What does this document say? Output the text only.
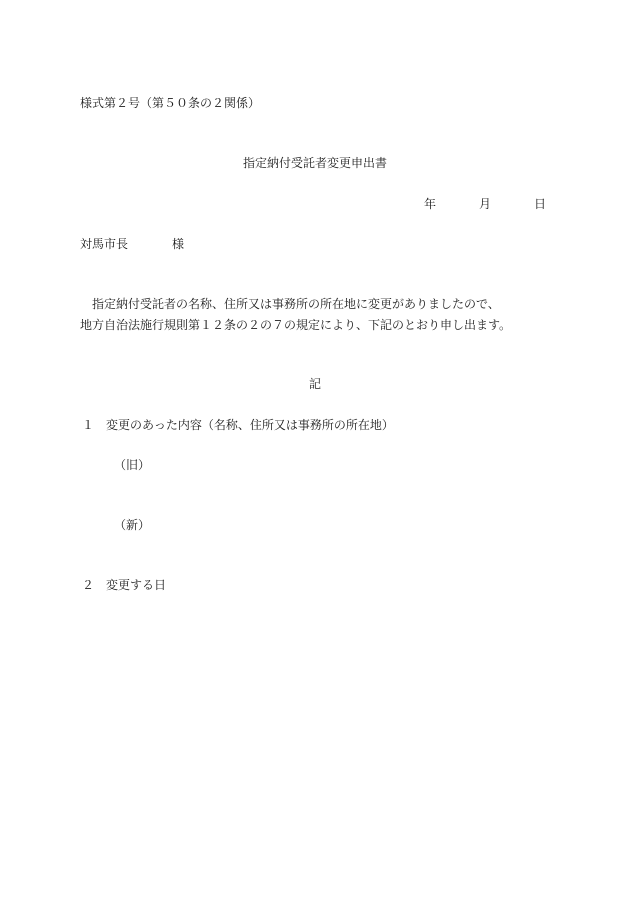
様式第２号（第５０条の２関係）
指定納付受託者変更申出書
年	月	日
対馬市長	様
　指定納付受託者の名称、住所又は事務所の所在地に変更がありましたので、
地方自治法施行規則第１２条の２の７の規定により、下記のとおり申し出ます。
記
１ 変更のあった内容（名称、住所又は事務所の所在地）
（旧）
（新）
２ 変更する日
